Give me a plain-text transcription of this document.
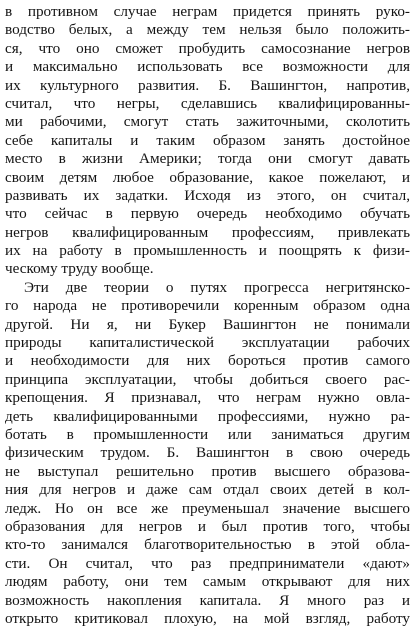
в противном случае неграм придется принять руко-
водство белых, а между тем нельзя было положить-
ся, что оно сможет пробудить самосознание негров
и максимально использовать все возможности для
их культурного развития. Б. Вашингтон, напротив,
считал, что негры, сделавшись квалифицированны-
ми рабочими, смогут стать зажиточными, сколотить
себе капиталы и таким образом занять достойное
место в жизни Америки; тогда они смогут давать
своим детям любое образование, какое пожелают, и
развивать их задатки. Исходя из этого, он считал,
что сейчас в первую очередь необходимо обучать
негров квалифицированным профессиям, привлекать
их на работу в промышленность и поощрять к физи-
ческому труду вообще.
Эти две теории о путях прогресса негритянско-
го народа не противоречили коренным образом одна
другой. Ни я, ни Букер Вашингтон не понимали
природы капиталистической эксплуатации рабочих
и необходимости для них бороться против самого
принципа эксплуатации, чтобы добиться своего рас-
крепощения. Я признавал, что неграм нужно овла-
деть квалифицированными профессиями, нужно ра-
ботать в промышленности или заниматься другим
физическим трудом. Б. Вашингтон в свою очередь
не выступал решительно против высшего образова-
ния для негров и даже сам отдал своих детей в кол-
ледж. Но он все же преуменьшал значение высшего
образования для негров и был против того, чтобы
кто-то занимался благотворительностью в этой обла-
сти. Он считал, что раз предприниматели «дают»
людям работу, они тем самым открывают для них
возможность накопления капитала. Я много раз и
открыто критиковал плохую, на мой взгляд, работу
